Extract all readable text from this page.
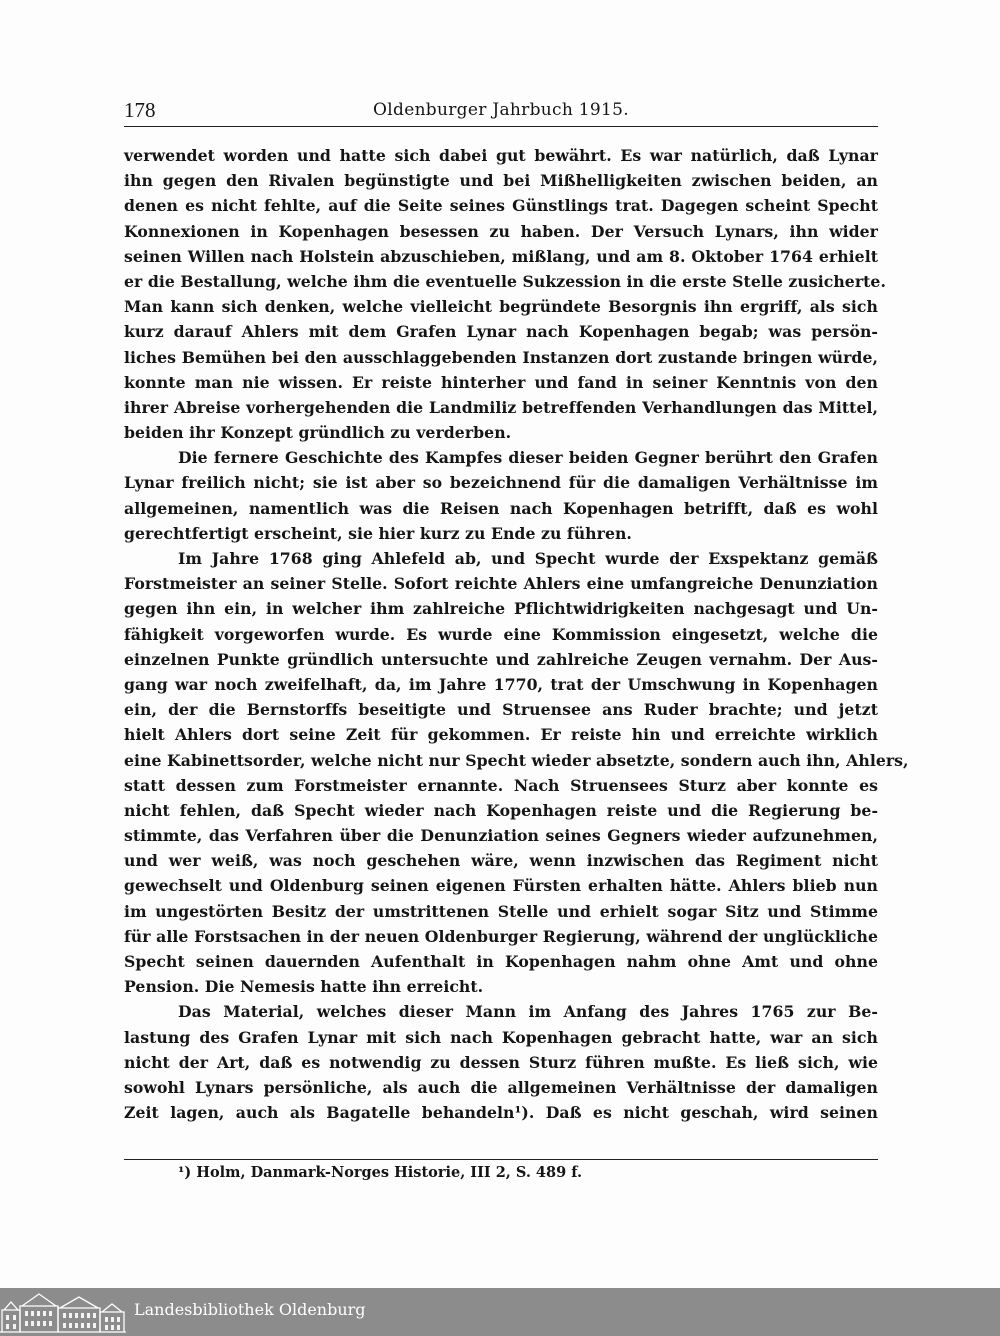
178	Oldenburger Jahrbuch 1915.
verwendet worden und hatte sich dabei gut bewährt. Es war natürlich, daß Lynar
ihn gegen den Rivalen begünstigte und bei Mißhelligkeiten zwischen beiden, an
denen es nicht fehlte, auf die Seite seines Günstlings trat. Dagegen scheint Specht
Konnexionen in Kopenhagen besessen zu haben. Der Versuch Lynars, ihn wider
seinen Willen nach Holstein abzuschieben, mißlang, und am 8. Oktober 1764 erhielt
er die Bestallung, welche ihm die eventuelle Sukzession in die erste Stelle zusicherte.
Man kann sich denken, welche vielleicht begründete Besorgnis ihn ergriff, als sich
kurz darauf Ahlers mit dem Grafen Lynar nach Kopenhagen begab; was persön-
liches Bemühen bei den ausschlaggebenden Instanzen dort zustande bringen würde,
konnte man nie wissen. Er reiste hinterher und fand in seiner Kenntnis von den
ihrer Abreise vorhergehenden die Landmiliz betreffenden Verhandlungen das Mittel,
beiden ihr Konzept gründlich zu verderben.
Die fernere Geschichte des Kampfes dieser beiden Gegner berührt den Grafen
Lynar freilich nicht; sie ist aber so bezeichnend für die damaligen Verhältnisse im
allgemeinen, namentlich was die Reisen nach Kopenhagen betrifft, daß es wohl
gerechtfertigt erscheint, sie hier kurz zu Ende zu führen.
Im Jahre 1768 ging Ahlefeld ab, und Specht wurde der Exspektanz gemäß
Forstmeister an seiner Stelle. Sofort reichte Ahlers eine umfangreiche Denunziation
gegen ihn ein, in welcher ihm zahlreiche Pflichtwidrigkeiten nachgesagt und Un-
fähigkeit vorgeworfen wurde. Es wurde eine Kommission eingesetzt, welche die
einzelnen Punkte gründlich untersuchte und zahlreiche Zeugen vernahm. Der Aus-
gang war noch zweifelhaft, da, im Jahre 1770, trat der Umschwung in Kopenhagen
ein, der die Bernstorffs beseitigte und Struensee ans Ruder brachte; und jetzt
hielt Ahlers dort seine Zeit für gekommen. Er reiste hin und erreichte wirklich
eine Kabinettsorder, welche nicht nur Specht wieder absetzte, sondern auch ihn, Ahlers,
statt dessen zum Forstmeister ernannte. Nach Struensees Sturz aber konnte es
nicht fehlen, daß Specht wieder nach Kopenhagen reiste und die Regierung be-
stimmte, das Verfahren über die Denunziation seines Gegners wieder aufzunehmen,
und wer weiß, was noch geschehen wäre, wenn inzwischen das Regiment nicht
gewechselt und Oldenburg seinen eigenen Fürsten erhalten hätte. Ahlers blieb nun
im ungestörten Besitz der umstrittenen Stelle und erhielt sogar Sitz und Stimme
für alle Forstsachen in der neuen Oldenburger Regierung, während der unglückliche
Specht seinen dauernden Aufenthalt in Kopenhagen nahm ohne Amt und ohne
Pension. Die Nemesis hatte ihn erreicht.
Das Material, welches dieser Mann im Anfang des Jahres 1765 zur Be-
lastung des Grafen Lynar mit sich nach Kopenhagen gebracht hatte, war an sich
nicht der Art, daß es notwendig zu dessen Sturz führen mußte. Es ließ sich, wie
sowohl Lynars persönliche, als auch die allgemeinen Verhältnisse der damaligen
Zeit lagen, auch als Bagatelle behandeln¹). Daß es nicht geschah, wird seinen
¹) Holm, Danmark-Norges Historie, III 2, S. 489 f.
Landesbibliothek Oldenburg
